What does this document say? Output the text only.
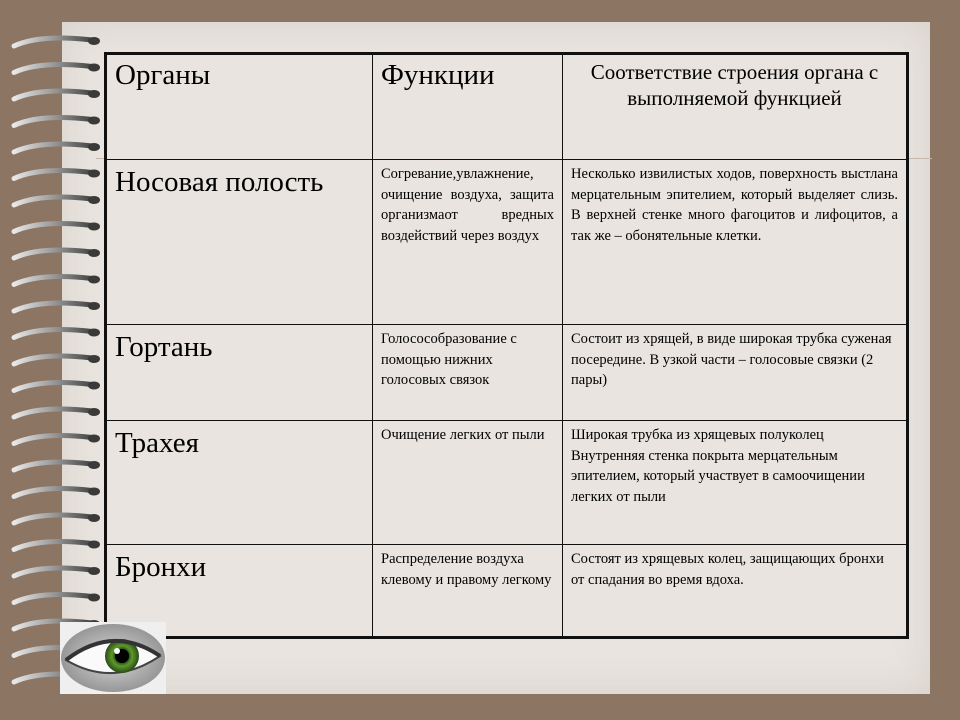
Органы	Функции	Соответствие строения органа с выполняемой функцией
Носовая полость	Согревание,увлажнение, очищение воздуха, защита организмаот вредных воздействий через воздух	Несколько извилистых ходов, поверхность выстлана мерцательным эпителием, который выделяет слизь. В верхней стенке много фагоцитов и лифоцитов, а так же – обонятельные клетки.
Гортань	Голосособразование с помощью нижних голосовых связок	Состоит из хрящей, в виде широкая трубка суженая посередине. В узкой части – голосовые связки (2 пары)
Трахея	Очищение легких от пыли	Широкая трубка из хрящевых полуколец Внутренняя стенка покрыта мерцательным эпителием, который участвует в самоочищении легких от пыли
Бронхи	Распределение воздуха клевому и правому легкому	Состоят из хрящевых колец, защищающих бронхи от спадания во время вдоха.
